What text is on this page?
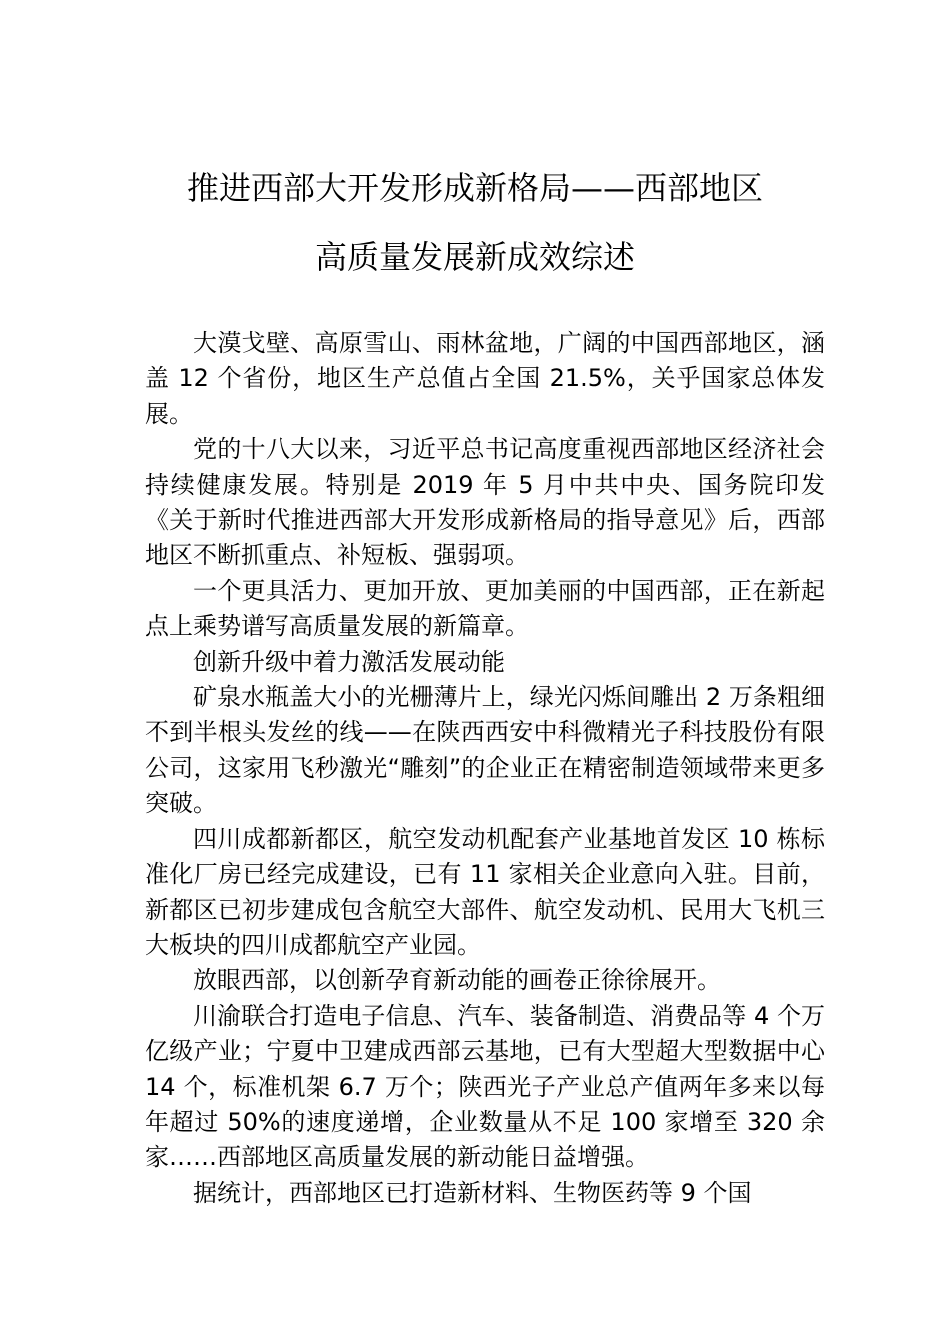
推进西部大开发形成新格局——西部地区
高质量发展新成效综述

大漠戈壁、高原雪山、雨林盆地，广阔的中国西部地区，涵盖 12 个省份，地区生产总值占全国 21.5%，关乎国家总体发展。

党的十八大以来，习近平总书记高度重视西部地区经济社会持续健康发展。特别是 2019 年 5 月中共中央、国务院印发《关于新时代推进西部大开发形成新格局的指导意见》后，西部地区不断抓重点、补短板、强弱项。

一个更具活力、更加开放、更加美丽的中国西部，正在新起点上乘势谱写高质量发展的新篇章。

创新升级中着力激活发展动能

矿泉水瓶盖大小的光栅薄片上，绿光闪烁间雕出 2 万条粗细不到半根头发丝的线——在陕西西安中科微精光子科技股份有限公司，这家用飞秒激光“雕刻”的企业正在精密制造领域带来更多突破。

四川成都新都区，航空发动机配套产业基地首发区 10 栋标准化厂房已经完成建设，已有 11 家相关企业意向入驻。目前，新都区已初步建成包含航空大部件、航空发动机、民用大飞机三大板块的四川成都航空产业园。

放眼西部，以创新孕育新动能的画卷正徐徐展开。

川渝联合打造电子信息、汽车、装备制造、消费品等 4 个万亿级产业；宁夏中卫建成西部云基地，已有大型超大型数据中心 14 个，标准机架 6.7 万个；陕西光子产业总产值两年多来以每年超过 50%的速度递增，企业数量从不足 100 家增至 320 余家……西部地区高质量发展的新动能日益增强。

据统计，西部地区已打造新材料、生物医药等 9 个国
